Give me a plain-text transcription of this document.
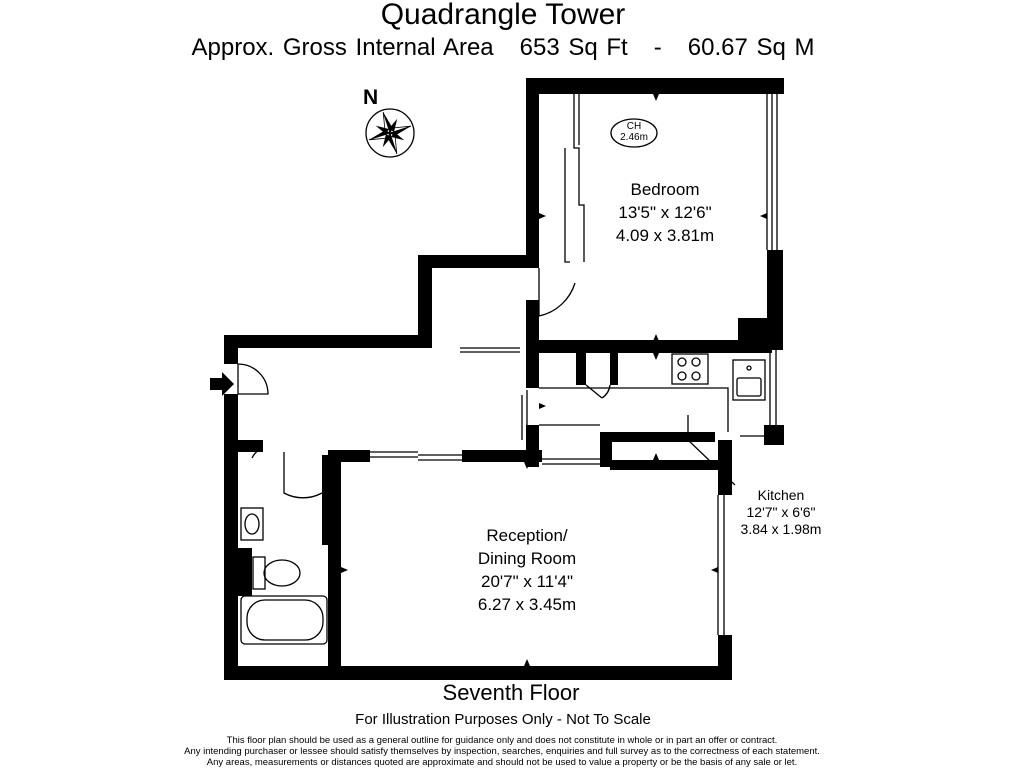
Quadrangle Tower
Approx. Gross Internal Area 653 Sq Ft - 60.67 Sq M
N
CH
2.46m
Bedroom
13'5" x 12'6"
4.09 x 3.81m
Reception/
Dining Room
20'7" x 11'4"
6.27 x 3.45m
Kitchen
12'7" x 6'6"
3.84 x 1.98m
Seventh Floor
For Illustration Purposes Only - Not To Scale
This floor plan should be used as a general outline for guidance only and does not constitute in whole or in part an offer or contract.
Any intending purchaser or lessee should satisfy themselves by inspection, searches, enquiries and full survey as to the correctness of each statement.
Any areas, measurements or distances quoted are approximate and should not be used to value a property or be the basis of any sale or let.
